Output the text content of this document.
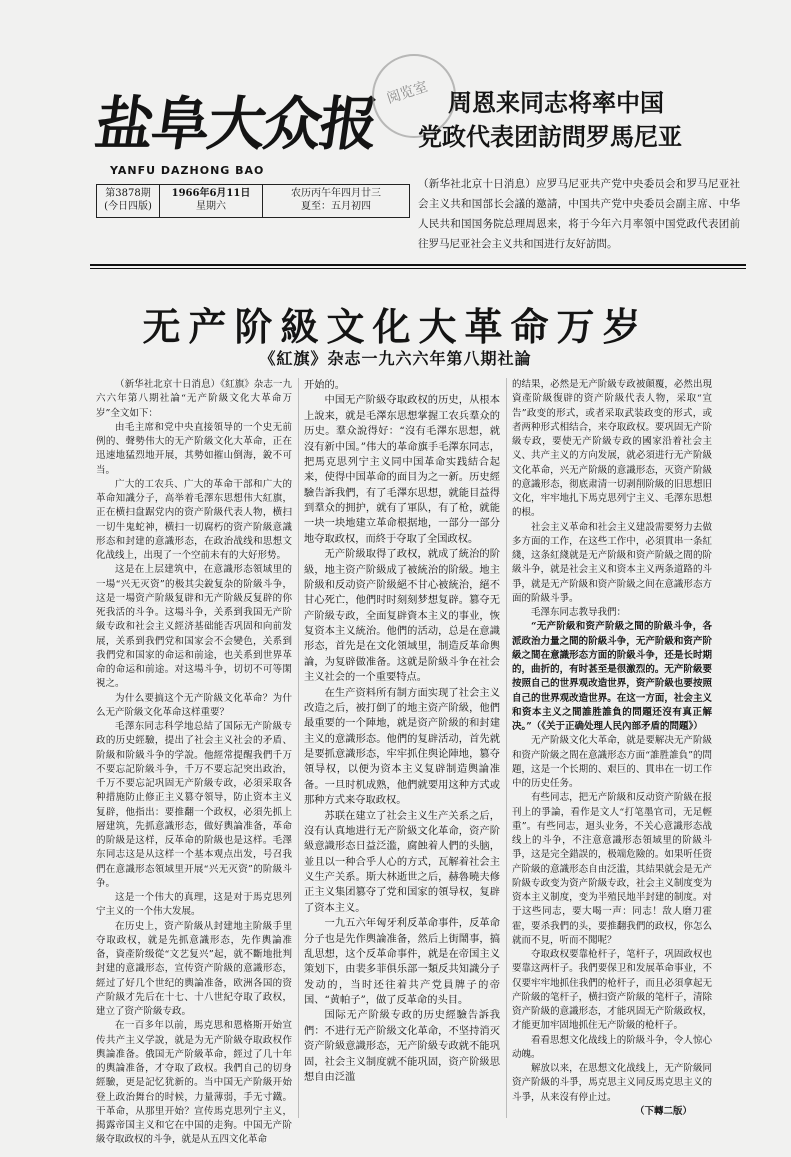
盐阜大众报
YANFU DAZHONG BAO
阅览室
第3878期
(今日四版)
1966年6月11日
星期六
农历丙午年四月廿三
夏至：五月初四
周恩来同志将率中国
党政代表团訪問罗馬尼亚
（新华社北京十日消息）应罗马尼亚共产党中央委员会和罗马尼亚社会主义共和国部长会議的邀請，中国共产党中央委员会副主席、中华人民共和国国务院总理周恩来，将于今年六月率領中国党政代表团前往罗马尼亚社会主义共和国进行友好訪問。
无产阶級文化大革命万岁
《紅旗》杂志一九六六年第八期社論

（新华社北京十日消息）《紅旗》杂志一九六六年第八期社論“无产阶級文化大革命万岁”全文如下：

由毛主席和党中央直接領导的一个史无前例的、聲勢伟大的无产阶級文化大革命，正在迅速地猛烈地开展，其勢如摧山倒海，銳不可当。

广大的工农兵、广大的革命干部和广大的革命知識分子，高举着毛澤东思想伟大紅旗，正在横扫盘踞党内的资产阶級代表人物，横扫一切牛鬼蛇神，横扫一切腐朽的资产阶級意識形态和封建的意識形态，在政治战线和思想文化战线上，出現了一个空前未有的大好形势。

这是在上层建筑中，在意識形态領域里的一場“兴无灭资”的极其尖銳复杂的阶級斗争，这是一場资产阶級复辟和无产阶級反复辟的你死我活的斗争。这場斗争，关系到我国无产阶級专政和社会主义經济基础能否巩固和向前发展，关系到我們党和国家会不会變色，关系到我們党和国家的命运和前途，也关系到世界革命的命运和前途。对这場斗争，切切不可等閑視之。

为什么要搞这个无产阶級文化革命？为什么无产阶級文化革命这样重要？

毛澤东同志科学地总結了国际无产阶級专政的历史經驗，提出了社会主义社会的矛盾、阶級和阶級斗争的学說。他經常提醒我們千万不要忘記阶級斗争，千万不要忘記突出政治，千万不要忘記巩固无产阶級专政，必須采取各种措施防止修正主义篡夺領导，防止资本主义复辟，他指出：要推翻一个政权，必須先抓上層建筑，先抓意識形态，做好輿論准备，革命的阶級是这样，反革命的阶級也是这样。毛澤东同志这是从这样一个基本观点出发，号召我們在意識形态領域里开展“兴无灭资”的阶級斗争。

这是一个伟大的真理，这是对于馬克思列宁主义的一个伟大发展。

在历史上，资产阶級从封建地主阶級手里夺取政权，就是先抓意識形态，先作輿論准备，資產阶级從“文艺复兴”起，就不斷地批判封建的意識形态，宣传资产阶級的意識形态，經过了好几个世纪的輿論准备，欧洲各国的资产阶級才先后在十七、十八世紀夺取了政权，建立了资产阶級专政。

在一百多年以前，馬克思和恩格斯开始宣传共产主义学說，就是为无产阶級夺取政权作輿論准备。俄国无产阶級革命，經过了几十年的輿論准备，才夺取了政权。我們自己的切身經驗，更是記忆犹新的。当中国无产阶級开始登上政治舞台的时候，力量薄弱，手无寸鐵。干革命，从那里开始？宣传馬克思列宁主义，揭露帝国主义和它在中国的走狗。中国无产阶級夺取政权的斗争，就是从五四文化革命

开始的。

中国无产阶級夺取政权的历史，从根本上說来，就是毛澤东思想掌握工农兵羣众的历史。羣众說得好：“沒有毛澤东思想，就沒有新中国。”伟大的革命旗手毛澤东同志，把馬克思列宁主义同中国革命实践結合起来，使得中国革命的面目为之一新。历史經驗告訴我們，有了毛澤东思想，就能目益得到羣众的拥护，就有了軍队，有了枪，就能一块一块地建立革命根据地，一部分一部分地夺取政权，而終于夺取了全国政权。

无产阶級取得了政权，就成了統治的阶級，地主资产阶級成了被統治的阶級。地主阶級和反动资产阶級絕不甘心被統治，絕不甘心死亡，他們时时刻刻梦想复辟。篡夺无产阶級专政，全面复辟資本主义的事业，恢复资本主义統治。他們的活动，总是在意識形态，首先是在文化領域里，制造反革命輿論，为复辟做准备。这就是阶級斗争在社会主义社会的一个重要特点。

在生产资料所有制方面实现了社会主义改造之后，被打倒了的地主资产阶級，他們最重要的一个陣地，就是资产阶級的和封建主义的意識形态。他們的复辟活动，首先就是要抓意識形态，牢牢抓住舆论陣地，篡夺領导权，以便为资本主义复辟制造輿論准备。一旦时机成熟，他們就要用这种方式或那种方式来夺取政权。

苏联在建立了社会主义生产关系之后，沒有认真地进行无产阶級文化革命，资产阶級意識形态日益泛滥，腐蝕着人們的头脑，並且以一种合乎人心的方式，瓦解着社会主义生产关系。斯大林逝世之后，赫魯曉夫修正主义集团篡夺了党和国家的領导权，复辟了资本主义。

一九五六年匈牙利反革命事件，反革命分子也是先作輿論准备，然后上街鬧事，搞乱思想，这个反革命事件，就是在帝国主义策划下，由裴多菲俱乐部一類反共知識分子发动的，当时还往着共产党員牌子的帝国、“黄帕子”，做了反革命的头目。

国际无产阶級专政的历史經驗告訴我們：不进行无产阶級文化革命，不坚持消灭资产阶級意識形态，无产阶級专政就不能巩固，社会主义制度就不能巩固，资产阶級思想自由泛滥

的结果，必然是无产阶級专政被顛覆，必然出現資產阶級復辟的资产阶級代表人物，采取“宣告”政变的形式，或者采取武装政变的形式，或者两种形式相结合，来夺取政权。要巩固无产阶級专政，要使无产阶級专政的國家沿着社会主义、共产主义的方向发展，就必須进行无产阶級文化革命，兴无产阶級的意識形态，灭资产阶級的意識形态，彻底肃清一切剥削阶級的旧思想旧文化，牢牢地扎下馬克思列宁主义、毛澤东思想的根。

社会主义革命和社会主义建設需要努力去做多方面的工作，在这些工作中，必須貫串一条紅綫，这条紅綫就是无产阶級和资产阶級之間的阶級斗争，就是社会主义和资本主义两条道路的斗爭，就是无产阶級和资产阶級之间在意識形态方面的阶級斗爭。

毛澤东同志教导我們：

“无产阶級和资产阶級之間的阶級斗争，各派政治力量之間的阶級斗争，无产阶級和资产阶級之間在意識形态方面的阶級斗争，还是长时期的，曲折的，有时甚至是很激烈的。无产阶級要按照自己的世界观改造世界，资产阶級也要按照自己的世界观改造世界。在这一方面，社会主义和资本主义之間誰胜誰負的問題还沒有真正解决。”（《关于正确处理人民內部矛盾的問題》）

无产阶級文化大革命，就是要解决无产阶級和资产阶級之間在意識形态方面“誰胜誰負”的問題，这是一个长期的、艰巨的、貫串在一切工作中的历史任务。

有些同志，把无产阶級和反动资产阶級在报刊上的爭論，看作是文人“打笔墨官司，无足輕重”。有些同志，迴头业务，不关心意識形态战线上的斗争，不注意意識形态領域里的阶級斗爭，这是完全錯誤的，极端危險的。如果听任资产阶級的意識形态自由泛滥，其結果就会是无产阶級专政变为资产阶級专政，社会主义制度变为资本主义制度，变为半殖民地半封建的制度。对于这些同志，要大喝一声：同志！敌人磨刀霍霍，要杀我們的头，要推翻我們的政权，你怎么就而不見，听而不聞呢？

夺取政权要靠枪杆子，笔杆子，巩固政权也要靠这两杆子。我們要保卫和发展革命事业，不仅要牢牢地抓住我們的枪杆子，而且必須拿起无产阶級的笔杆子，横扫资产阶級的笔杆子，清除资产阶級的意識形态，才能巩固无产阶級政权，才能更加牢固地抓住无产阶級的枪杆子。

看看思想文化战线上的阶級斗争，令人惊心动魄。

解放以来，在思想文化战线上，无产阶級同资产阶級的斗爭，馬克思主义同反馬克思主义的斗爭，从来沒有停止过。

（下轉二版）
